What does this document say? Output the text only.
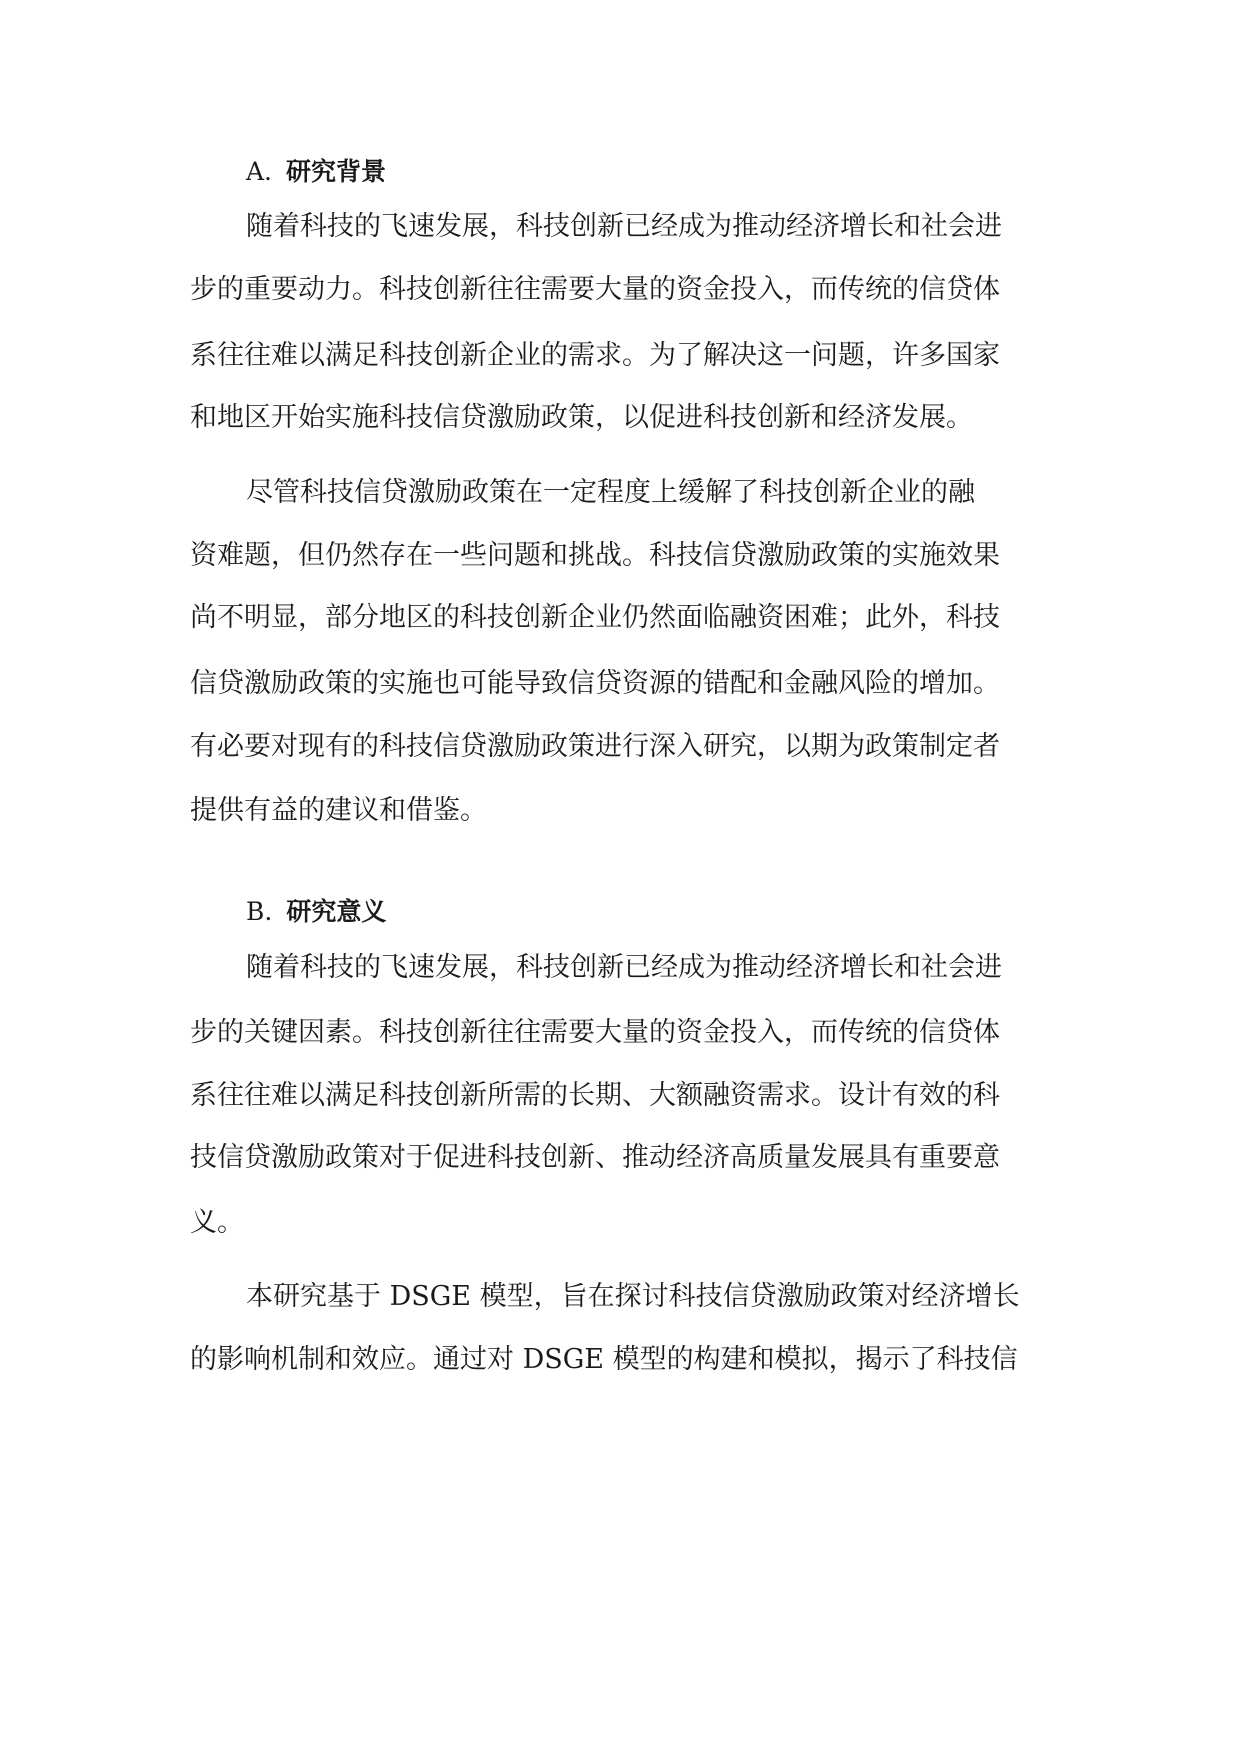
A. 研究背景
随着科技的飞速发展，科技创新已经成为推动经济增长和社会进
步的重要动力。科技创新往往需要大量的资金投入，而传统的信贷体
系往往难以满足科技创新企业的需求。为了解决这一问题，许多国家
和地区开始实施科技信贷激励政策，以促进科技创新和经济发展。
尽管科技信贷激励政策在一定程度上缓解了科技创新企业的融
资难题，但仍然存在一些问题和挑战。科技信贷激励政策的实施效果
尚不明显，部分地区的科技创新企业仍然面临融资困难；此外，科技
信贷激励政策的实施也可能导致信贷资源的错配和金融风险的增加。
有必要对现有的科技信贷激励政策进行深入研究，以期为政策制定者
提供有益的建议和借鉴。
B. 研究意义
随着科技的飞速发展，科技创新已经成为推动经济增长和社会进
步的关键因素。科技创新往往需要大量的资金投入，而传统的信贷体
系往往难以满足科技创新所需的长期、大额融资需求。设计有效的科
技信贷激励政策对于促进科技创新、推动经济高质量发展具有重要意
义。
本研究基于 DSGE 模型，旨在探讨科技信贷激励政策对经济增长
的影响机制和效应。通过对 DSGE 模型的构建和模拟，揭示了科技信
